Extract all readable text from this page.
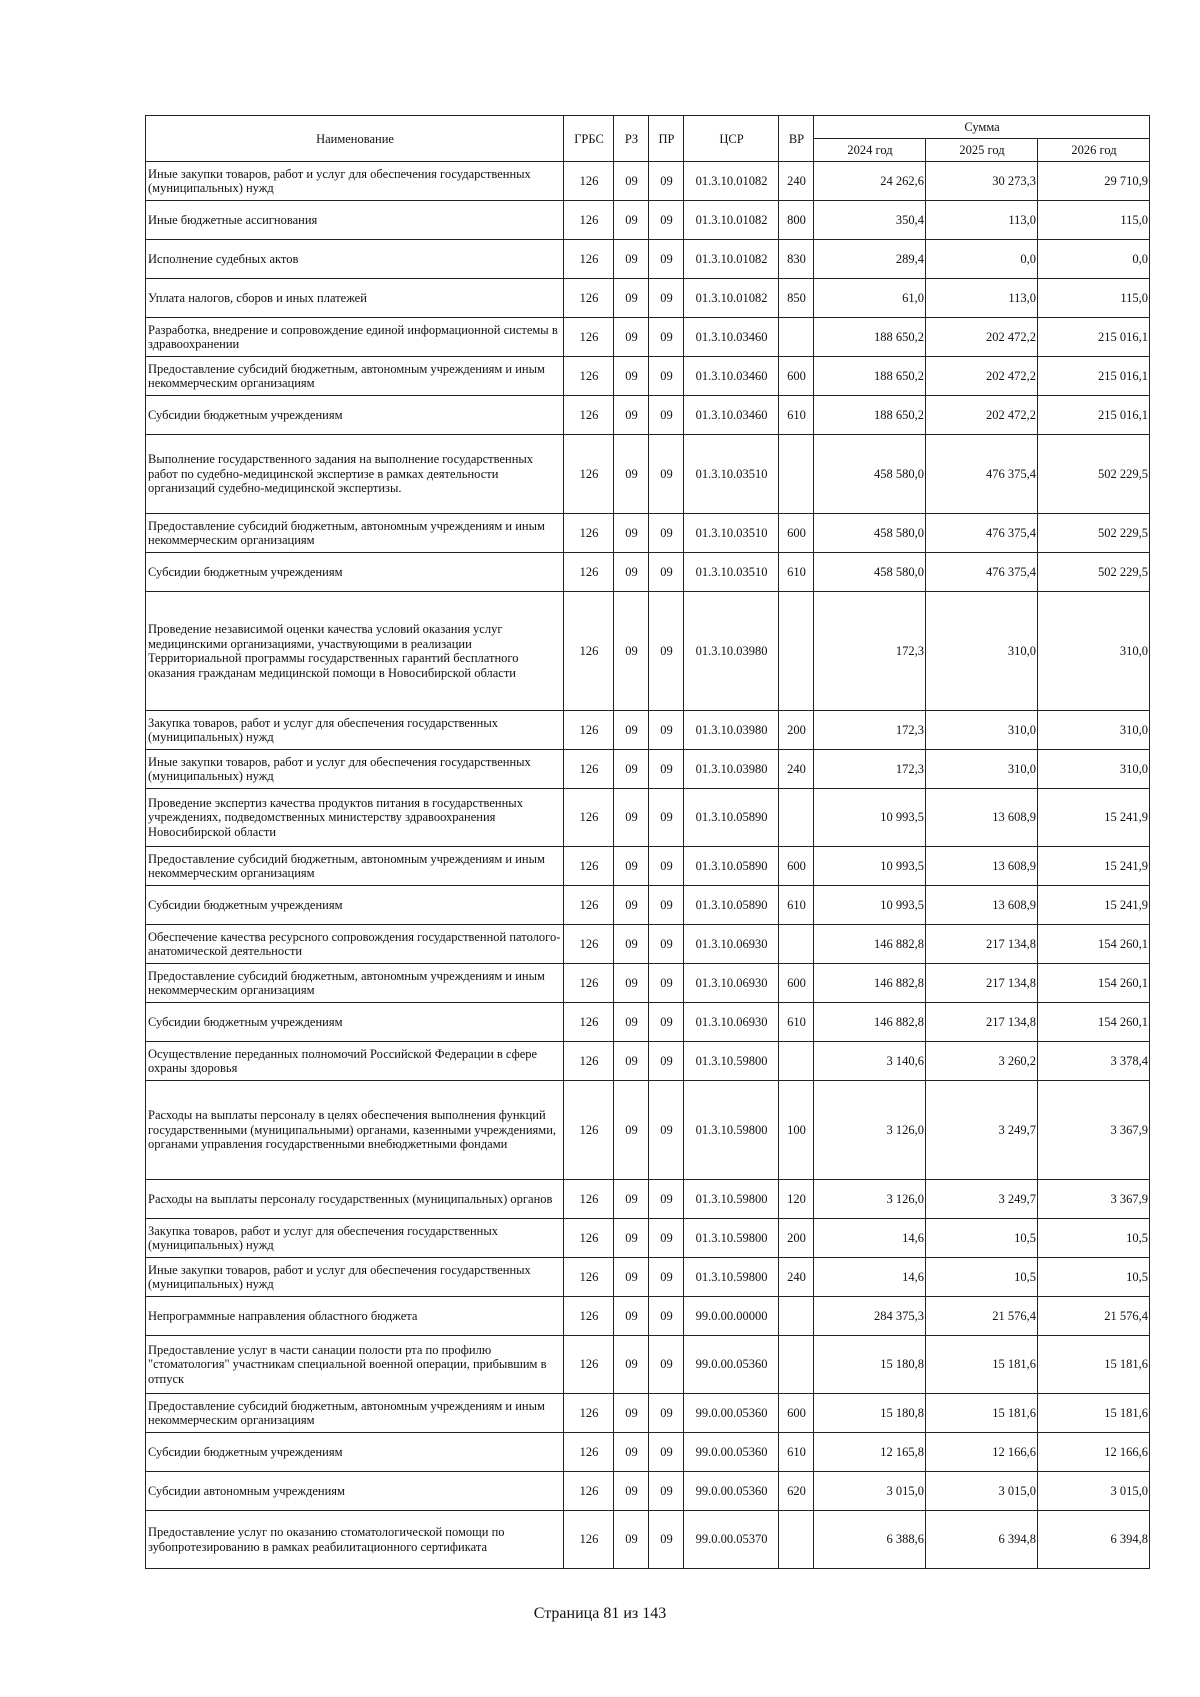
Наименование	ГРБС	РЗ	ПР	ЦСР	ВР	Сумма		
						2024 год	2025 год	2026 год
Иные закупки товаров, работ и услуг для обеспечения государственных (муниципальных) нужд	126	09	09	01.3.10.01082	240	24 262,6	30 273,3	29 710,9
Иные бюджетные ассигнования	126	09	09	01.3.10.01082	800	350,4	113,0	115,0
Исполнение судебных актов	126	09	09	01.3.10.01082	830	289,4	0,0	0,0
Уплата налогов, сборов и иных платежей	126	09	09	01.3.10.01082	850	61,0	113,0	115,0
Разработка, внедрение и сопровождение единой информационной системы в здравоохранении	126	09	09	01.3.10.03460		188 650,2	202 472,2	215 016,1
Предоставление субсидий бюджетным, автономным учреждениям и иным некоммерческим организациям	126	09	09	01.3.10.03460	600	188 650,2	202 472,2	215 016,1
Субсидии бюджетным учреждениям	126	09	09	01.3.10.03460	610	188 650,2	202 472,2	215 016,1
Выполнение государственного задания на выполнение государственных работ по судебно-медицинской экспертизе в рамках деятельности организаций судебно-медицинской экспертизы.	126	09	09	01.3.10.03510		458 580,0	476 375,4	502 229,5
Предоставление субсидий бюджетным, автономным учреждениям и иным некоммерческим организациям	126	09	09	01.3.10.03510	600	458 580,0	476 375,4	502 229,5
Субсидии бюджетным учреждениям	126	09	09	01.3.10.03510	610	458 580,0	476 375,4	502 229,5
Проведение независимой оценки качества условий оказания услуг медицинскими организациями, участвующими в реализации Территориальной программы государственных гарантий бесплатного оказания гражданам медицинской помощи в Новосибирской области	126	09	09	01.3.10.03980		172,3	310,0	310,0
Закупка товаров, работ и услуг для обеспечения государственных (муниципальных) нужд	126	09	09	01.3.10.03980	200	172,3	310,0	310,0
Иные закупки товаров, работ и услуг для обеспечения государственных (муниципальных) нужд	126	09	09	01.3.10.03980	240	172,3	310,0	310,0
Проведение экспертиз качества продуктов питания в государственных учреждениях, подведомственных министерству здравоохранения Новосибирской области	126	09	09	01.3.10.05890		10 993,5	13 608,9	15 241,9
Предоставление субсидий бюджетным, автономным учреждениям и иным некоммерческим организациям	126	09	09	01.3.10.05890	600	10 993,5	13 608,9	15 241,9
Субсидии бюджетным учреждениям	126	09	09	01.3.10.05890	610	10 993,5	13 608,9	15 241,9
Обеспечение качества ресурсного сопровождения государственной патолого-анатомической деятельности	126	09	09	01.3.10.06930		146 882,8	217 134,8	154 260,1
Предоставление субсидий бюджетным, автономным учреждениям и иным некоммерческим организациям	126	09	09	01.3.10.06930	600	146 882,8	217 134,8	154 260,1
Субсидии бюджетным учреждениям	126	09	09	01.3.10.06930	610	146 882,8	217 134,8	154 260,1
Осуществление переданных полномочий Российской Федерации в сфере охраны здоровья	126	09	09	01.3.10.59800		3 140,6	3 260,2	3 378,4
Расходы на выплаты персоналу в целях обеспечения выполнения функций государственными (муниципальными) органами, казенными учреждениями, органами управления государственными внебюджетными фондами	126	09	09	01.3.10.59800	100	3 126,0	3 249,7	3 367,9
Расходы на выплаты персоналу государственных (муниципальных) органов	126	09	09	01.3.10.59800	120	3 126,0	3 249,7	3 367,9
Закупка товаров, работ и услуг для обеспечения государственных (муниципальных) нужд	126	09	09	01.3.10.59800	200	14,6	10,5	10,5
Иные закупки товаров, работ и услуг для обеспечения государственных (муниципальных) нужд	126	09	09	01.3.10.59800	240	14,6	10,5	10,5
Непрограммные направления областного бюджета	126	09	09	99.0.00.00000		284 375,3	21 576,4	21 576,4
Предоставление услуг в части санации полости рта по профилю "стоматология" участникам специальной военной операции, прибывшим в отпуск	126	09	09	99.0.00.05360		15 180,8	15 181,6	15 181,6
Предоставление субсидий бюджетным, автономным учреждениям и иным некоммерческим организациям	126	09	09	99.0.00.05360	600	15 180,8	15 181,6	15 181,6
Субсидии бюджетным учреждениям	126	09	09	99.0.00.05360	610	12 165,8	12 166,6	12 166,6
Субсидии автономным учреждениям	126	09	09	99.0.00.05360	620	3 015,0	3 015,0	3 015,0
Предоставление услуг по оказанию стоматологической помощи по зубопротезированию в рамках реабилитационного сертификата	126	09	09	99.0.00.05370		6 388,6	6 394,8	6 394,8
Страница 81 из 143
